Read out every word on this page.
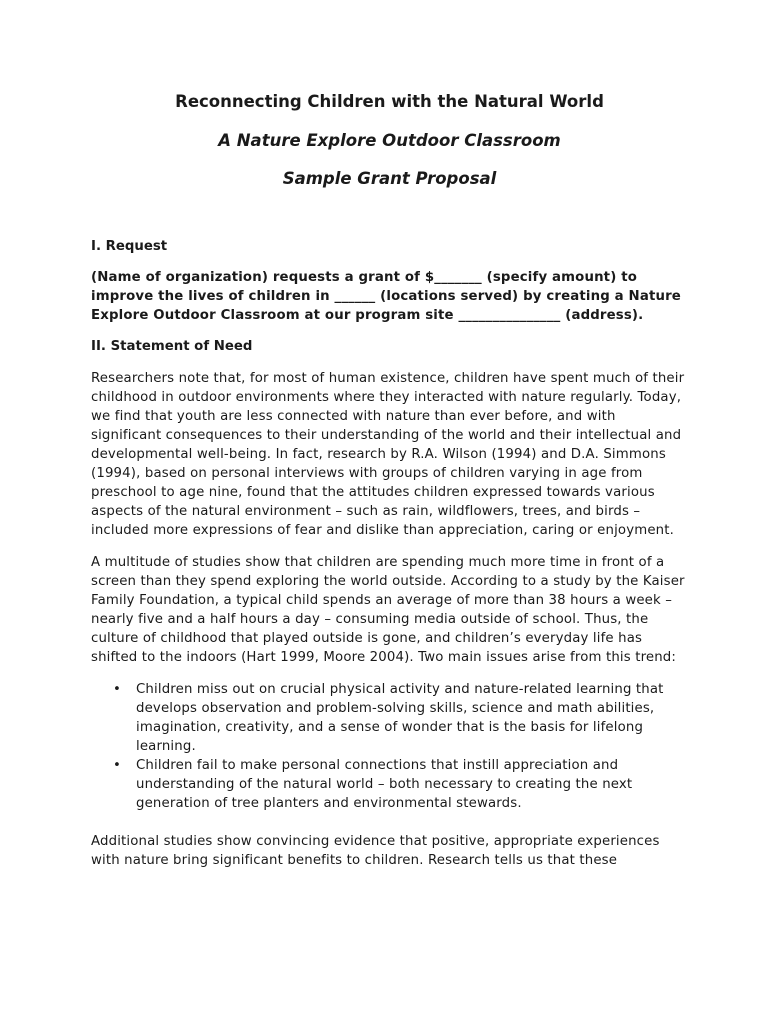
Reconnecting Children with the Natural World
A Nature Explore Outdoor Classroom
Sample Grant Proposal
I. Request

(Name of organization) requests a grant of $_______ (specify amount) to improve the lives of children in ______ (locations served) by creating a Nature Explore Outdoor Classroom at our program site _______________ (address).

II. Statement of Need

Researchers note that, for most of human existence, children have spent much of their childhood in outdoor environments where they interacted with nature regularly. Today, we find that youth are less connected with nature than ever before, and with significant consequences to their understanding of the world and their intellectual and developmental well-being. In fact, research by R.A. Wilson (1994) and D.A. Simmons (1994), based on personal interviews with groups of children varying in age from preschool to age nine, found that the attitudes children expressed towards various aspects of the natural environment – such as rain, wildflowers, trees, and birds – included more expressions of fear and dislike than appreciation, caring or enjoyment.

A multitude of studies show that children are spending much more time in front of a screen than they spend exploring the world outside. According to a study by the Kaiser Family Foundation, a typical child spends an average of more than 38 hours a week – nearly five and a half hours a day – consuming media outside of school. Thus, the culture of childhood that played outside is gone, and children’s everyday life has shifted to the indoors (Hart 1999, Moore 2004). Two main issues arise from this trend:

• Children miss out on crucial physical activity and nature-related learning that develops observation and problem-solving skills, science and math abilities, imagination, creativity, and a sense of wonder that is the basis for lifelong learning.
• Children fail to make personal connections that instill appreciation and understanding of the natural world – both necessary to creating the next generation of tree planters and environmental stewards.

Additional studies show convincing evidence that positive, appropriate experiences with nature bring significant benefits to children. Research tells us that these
